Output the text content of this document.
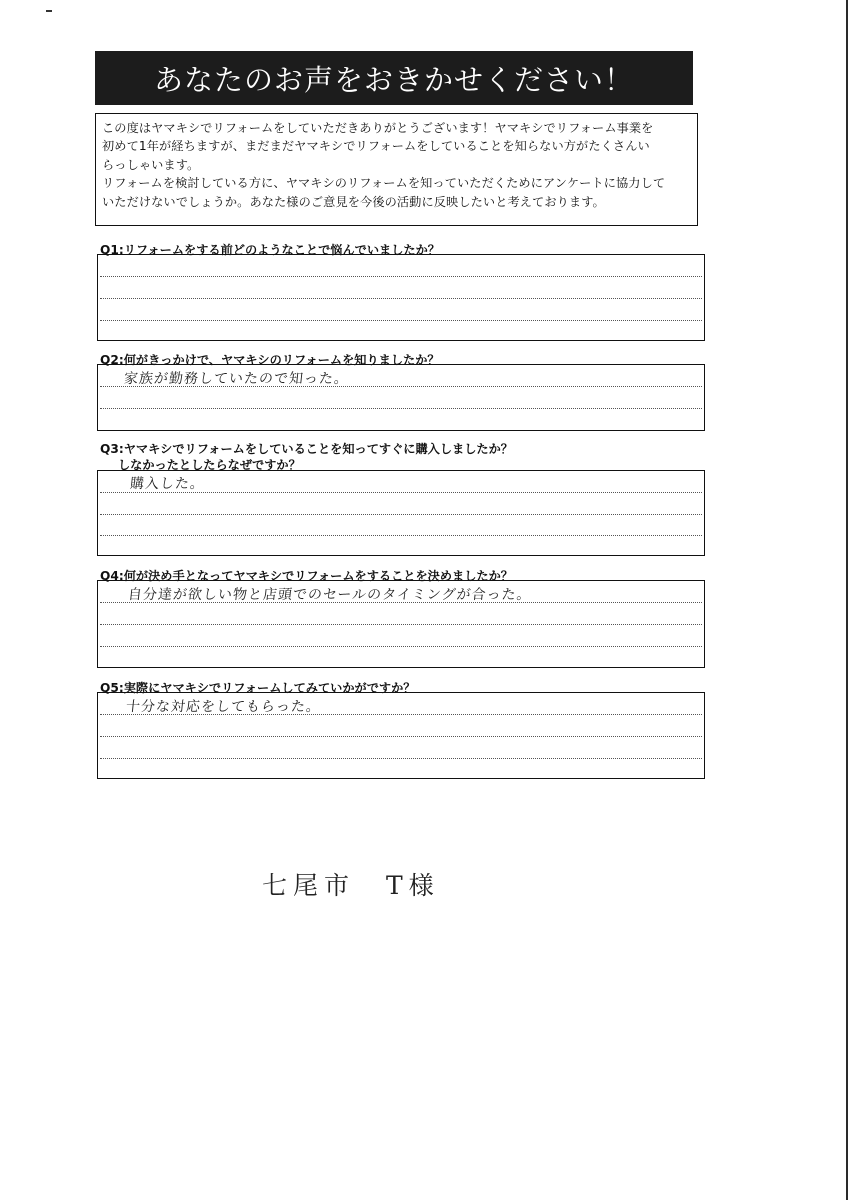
あなたのお声をおきかせください！

この度はヤマキシでリフォームをしていただきありがとうございます！ヤマキシでリフォーム事業を
初めて1年が経ちますが、まだまだヤマキシでリフォームをしていることを知らない方がたくさんい
らっしゃいます。

リフォームを検討している方に、ヤマキシのリフォームを知っていただくためにアンケートに協力して
いただけないでしょうか。あなた様のご意見を今後の活動に反映したいと考えております。

Q1:リフォームをする前どのようなことで悩んでいましたか？
Q2:何がきっかけで、ヤマキシのリフォームを知りましたか？
家族が勤務していたので知った。
Q3:ヤマキシでリフォームをしていることを知ってすぐに購入しましたか？
しなかったとしたらなぜですか？
購入した。
Q4:何が決め手となってヤマキシでリフォームをすることを決めましたか？
自分達が欲しい物と店頭でのセールのタイミングが合った。
Q5:実際にヤマキシでリフォームしてみていかがですか？
十分な対応をしてもらった。
七尾市　T様
